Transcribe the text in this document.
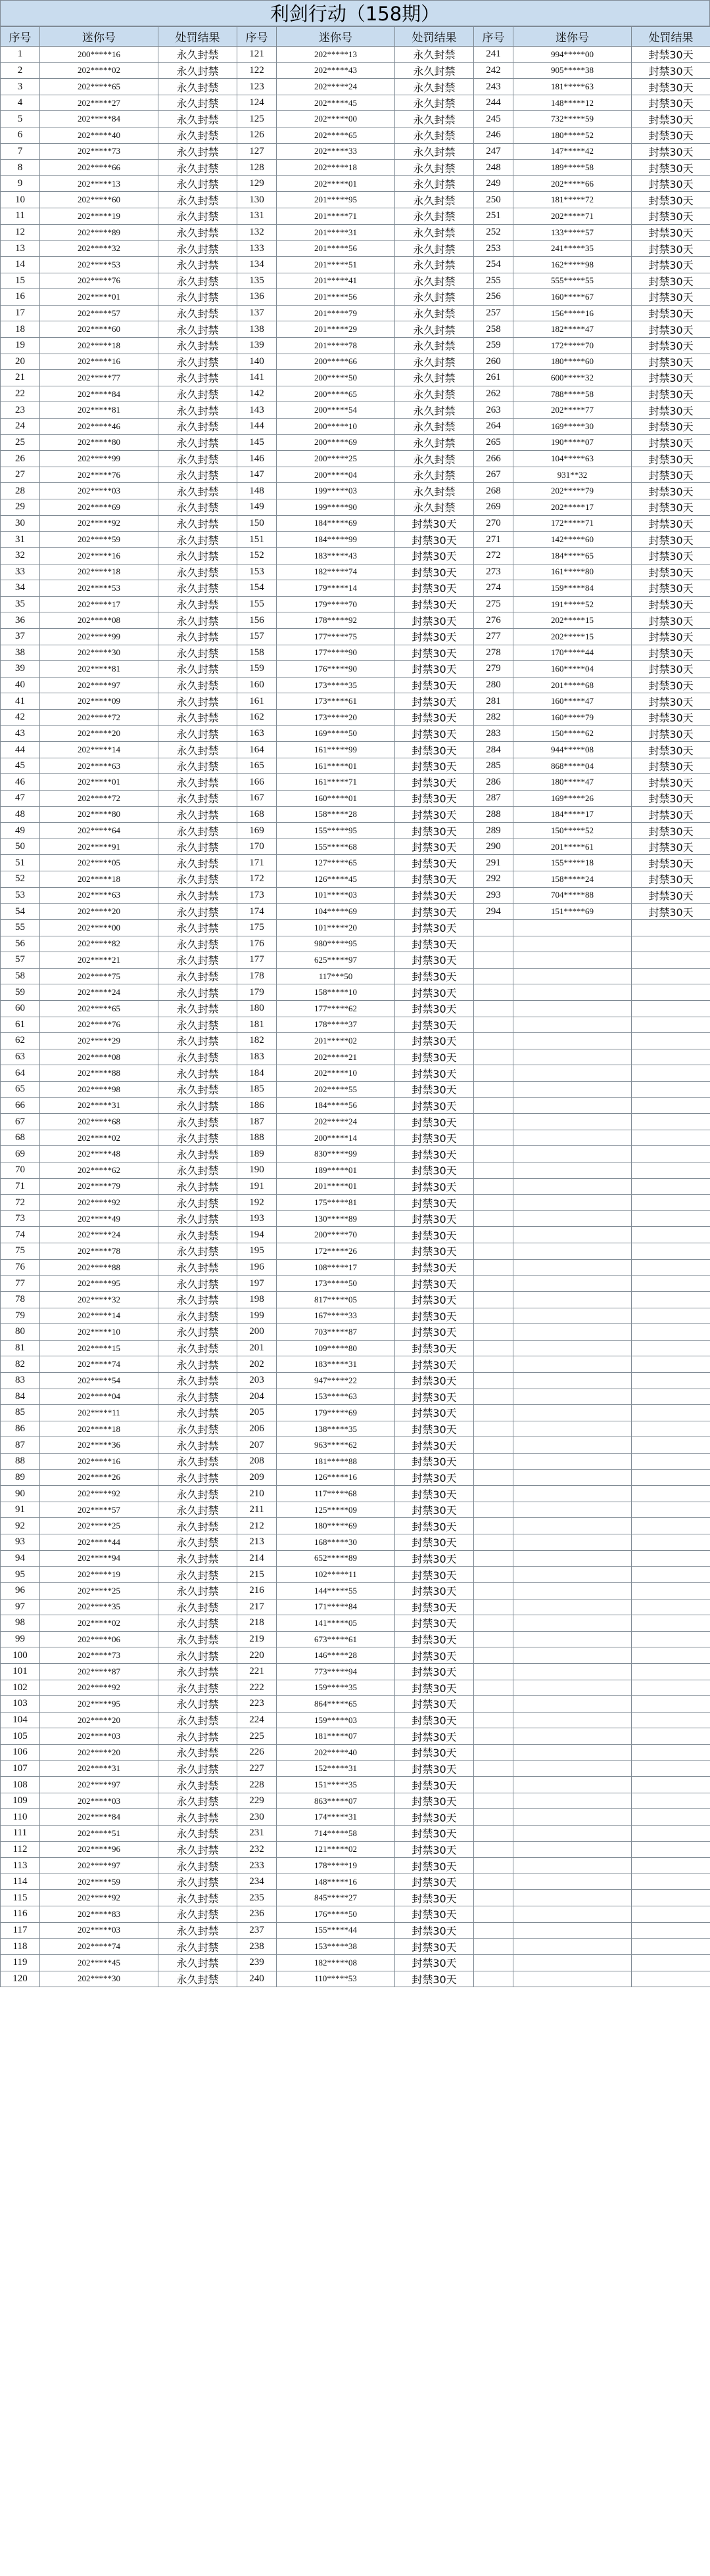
利剑行动（158期）
序号	迷你号	处罚结果	序号	迷你号	处罚结果	序号	迷你号	处罚结果
1	200*****16	永久封禁	121	202*****13	永久封禁	241	994*****00	封禁30天
2	202*****02	永久封禁	122	202*****43	永久封禁	242	905*****38	封禁30天
3	202*****65	永久封禁	123	202*****24	永久封禁	243	181*****63	封禁30天
4	202*****27	永久封禁	124	202*****45	永久封禁	244	148*****12	封禁30天
5	202*****84	永久封禁	125	202*****00	永久封禁	245	732*****59	封禁30天
6	202*****40	永久封禁	126	202*****65	永久封禁	246	180*****52	封禁30天
7	202*****73	永久封禁	127	202*****33	永久封禁	247	147*****42	封禁30天
8	202*****66	永久封禁	128	202*****18	永久封禁	248	189*****58	封禁30天
9	202*****13	永久封禁	129	202*****01	永久封禁	249	202*****66	封禁30天
10	202*****60	永久封禁	130	201*****95	永久封禁	250	181*****72	封禁30天
11	202*****19	永久封禁	131	201*****71	永久封禁	251	202*****71	封禁30天
12	202*****89	永久封禁	132	201*****31	永久封禁	252	133*****57	封禁30天
13	202*****32	永久封禁	133	201*****56	永久封禁	253	241*****35	封禁30天
14	202*****53	永久封禁	134	201*****51	永久封禁	254	162*****98	封禁30天
15	202*****76	永久封禁	135	201*****41	永久封禁	255	555*****55	封禁30天
16	202*****01	永久封禁	136	201*****56	永久封禁	256	160*****67	封禁30天
17	202*****57	永久封禁	137	201*****79	永久封禁	257	156*****16	封禁30天
18	202*****60	永久封禁	138	201*****29	永久封禁	258	182*****47	封禁30天
19	202*****18	永久封禁	139	201*****78	永久封禁	259	172*****70	封禁30天
20	202*****16	永久封禁	140	200*****66	永久封禁	260	180*****60	封禁30天
21	202*****77	永久封禁	141	200*****50	永久封禁	261	600*****32	封禁30天
22	202*****84	永久封禁	142	200*****65	永久封禁	262	788*****58	封禁30天
23	202*****81	永久封禁	143	200*****54	永久封禁	263	202*****77	封禁30天
24	202*****46	永久封禁	144	200*****10	永久封禁	264	169*****30	封禁30天
25	202*****80	永久封禁	145	200*****69	永久封禁	265	190*****07	封禁30天
26	202*****99	永久封禁	146	200*****25	永久封禁	266	104*****63	封禁30天
27	202*****76	永久封禁	147	200*****04	永久封禁	267	931**32	封禁30天
28	202*****03	永久封禁	148	199*****03	永久封禁	268	202*****79	封禁30天
29	202*****69	永久封禁	149	199*****90	永久封禁	269	202*****17	封禁30天
30	202*****92	永久封禁	150	184*****69	封禁30天	270	172*****71	封禁30天
31	202*****59	永久封禁	151	184*****99	封禁30天	271	142*****60	封禁30天
32	202*****16	永久封禁	152	183*****43	封禁30天	272	184*****65	封禁30天
33	202*****18	永久封禁	153	182*****74	封禁30天	273	161*****80	封禁30天
34	202*****53	永久封禁	154	179*****14	封禁30天	274	159*****84	封禁30天
35	202*****17	永久封禁	155	179*****70	封禁30天	275	191*****52	封禁30天
36	202*****08	永久封禁	156	178*****92	封禁30天	276	202*****15	封禁30天
37	202*****99	永久封禁	157	177*****75	封禁30天	277	202*****15	封禁30天
38	202*****30	永久封禁	158	177*****90	封禁30天	278	170*****44	封禁30天
39	202*****81	永久封禁	159	176*****90	封禁30天	279	160*****04	封禁30天
40	202*****97	永久封禁	160	173*****35	封禁30天	280	201*****68	封禁30天
41	202*****09	永久封禁	161	173*****61	封禁30天	281	160*****47	封禁30天
42	202*****72	永久封禁	162	173*****20	封禁30天	282	160*****79	封禁30天
43	202*****20	永久封禁	163	169*****50	封禁30天	283	150*****62	封禁30天
44	202*****14	永久封禁	164	161*****99	封禁30天	284	944*****08	封禁30天
45	202*****63	永久封禁	165	161*****01	封禁30天	285	868*****04	封禁30天
46	202*****01	永久封禁	166	161*****71	封禁30天	286	180*****47	封禁30天
47	202*****72	永久封禁	167	160*****01	封禁30天	287	169*****26	封禁30天
48	202*****80	永久封禁	168	158*****28	封禁30天	288	184*****17	封禁30天
49	202*****64	永久封禁	169	155*****95	封禁30天	289	150*****52	封禁30天
50	202*****91	永久封禁	170	155*****68	封禁30天	290	201*****61	封禁30天
51	202*****05	永久封禁	171	127*****65	封禁30天	291	155*****18	封禁30天
52	202*****18	永久封禁	172	126*****45	封禁30天	292	158*****24	封禁30天
53	202*****63	永久封禁	173	101*****03	封禁30天	293	704*****88	封禁30天
54	202*****20	永久封禁	174	104*****69	封禁30天	294	151*****69	封禁30天
55	202*****00	永久封禁	175	101*****20	封禁30天			
56	202*****82	永久封禁	176	980*****95	封禁30天			
57	202*****21	永久封禁	177	625*****97	封禁30天			
58	202*****75	永久封禁	178	117***50	封禁30天			
59	202*****24	永久封禁	179	158*****10	封禁30天			
60	202*****65	永久封禁	180	177*****62	封禁30天			
61	202*****76	永久封禁	181	178*****37	封禁30天			
62	202*****29	永久封禁	182	201*****02	封禁30天			
63	202*****08	永久封禁	183	202*****21	封禁30天			
64	202*****88	永久封禁	184	202*****10	封禁30天			
65	202*****98	永久封禁	185	202*****55	封禁30天			
66	202*****31	永久封禁	186	184*****56	封禁30天			
67	202*****68	永久封禁	187	202*****24	封禁30天			
68	202*****02	永久封禁	188	200*****14	封禁30天			
69	202*****48	永久封禁	189	830*****99	封禁30天			
70	202*****62	永久封禁	190	189*****01	封禁30天			
71	202*****79	永久封禁	191	201*****01	封禁30天			
72	202*****92	永久封禁	192	175*****81	封禁30天			
73	202*****49	永久封禁	193	130*****89	封禁30天			
74	202*****24	永久封禁	194	200*****70	封禁30天			
75	202*****78	永久封禁	195	172*****26	封禁30天			
76	202*****88	永久封禁	196	108*****17	封禁30天			
77	202*****95	永久封禁	197	173*****50	封禁30天			
78	202*****32	永久封禁	198	817*****05	封禁30天			
79	202*****14	永久封禁	199	167*****33	封禁30天			
80	202*****10	永久封禁	200	703*****87	封禁30天			
81	202*****15	永久封禁	201	109*****80	封禁30天			
82	202*****74	永久封禁	202	183*****31	封禁30天			
83	202*****54	永久封禁	203	947*****22	封禁30天			
84	202*****04	永久封禁	204	153*****63	封禁30天			
85	202*****11	永久封禁	205	179*****69	封禁30天			
86	202*****18	永久封禁	206	138*****35	封禁30天			
87	202*****36	永久封禁	207	963*****62	封禁30天			
88	202*****16	永久封禁	208	181*****88	封禁30天			
89	202*****26	永久封禁	209	126*****16	封禁30天			
90	202*****92	永久封禁	210	117*****68	封禁30天			
91	202*****57	永久封禁	211	125*****09	封禁30天			
92	202*****25	永久封禁	212	180*****69	封禁30天			
93	202*****44	永久封禁	213	168*****30	封禁30天			
94	202*****94	永久封禁	214	652*****89	封禁30天			
95	202*****19	永久封禁	215	102*****11	封禁30天			
96	202*****25	永久封禁	216	144*****55	封禁30天			
97	202*****35	永久封禁	217	171*****84	封禁30天			
98	202*****02	永久封禁	218	141*****05	封禁30天			
99	202*****06	永久封禁	219	673*****61	封禁30天			
100	202*****73	永久封禁	220	146*****28	封禁30天			
101	202*****87	永久封禁	221	773*****94	封禁30天			
102	202*****92	永久封禁	222	159*****35	封禁30天			
103	202*****95	永久封禁	223	864*****65	封禁30天			
104	202*****20	永久封禁	224	159*****03	封禁30天			
105	202*****03	永久封禁	225	181*****07	封禁30天			
106	202*****20	永久封禁	226	202*****40	封禁30天			
107	202*****31	永久封禁	227	152*****31	封禁30天			
108	202*****97	永久封禁	228	151*****35	封禁30天			
109	202*****03	永久封禁	229	863*****07	封禁30天			
110	202*****84	永久封禁	230	174*****31	封禁30天			
111	202*****51	永久封禁	231	714*****58	封禁30天			
112	202*****96	永久封禁	232	121*****02	封禁30天			
113	202*****97	永久封禁	233	178*****19	封禁30天			
114	202*****59	永久封禁	234	148*****16	封禁30天			
115	202*****92	永久封禁	235	845*****27	封禁30天			
116	202*****83	永久封禁	236	176*****50	封禁30天			
117	202*****03	永久封禁	237	155*****44	封禁30天			
118	202*****74	永久封禁	238	153*****38	封禁30天			
119	202*****45	永久封禁	239	182*****08	封禁30天			
120	202*****30	永久封禁	240	110*****53	封禁30天			
